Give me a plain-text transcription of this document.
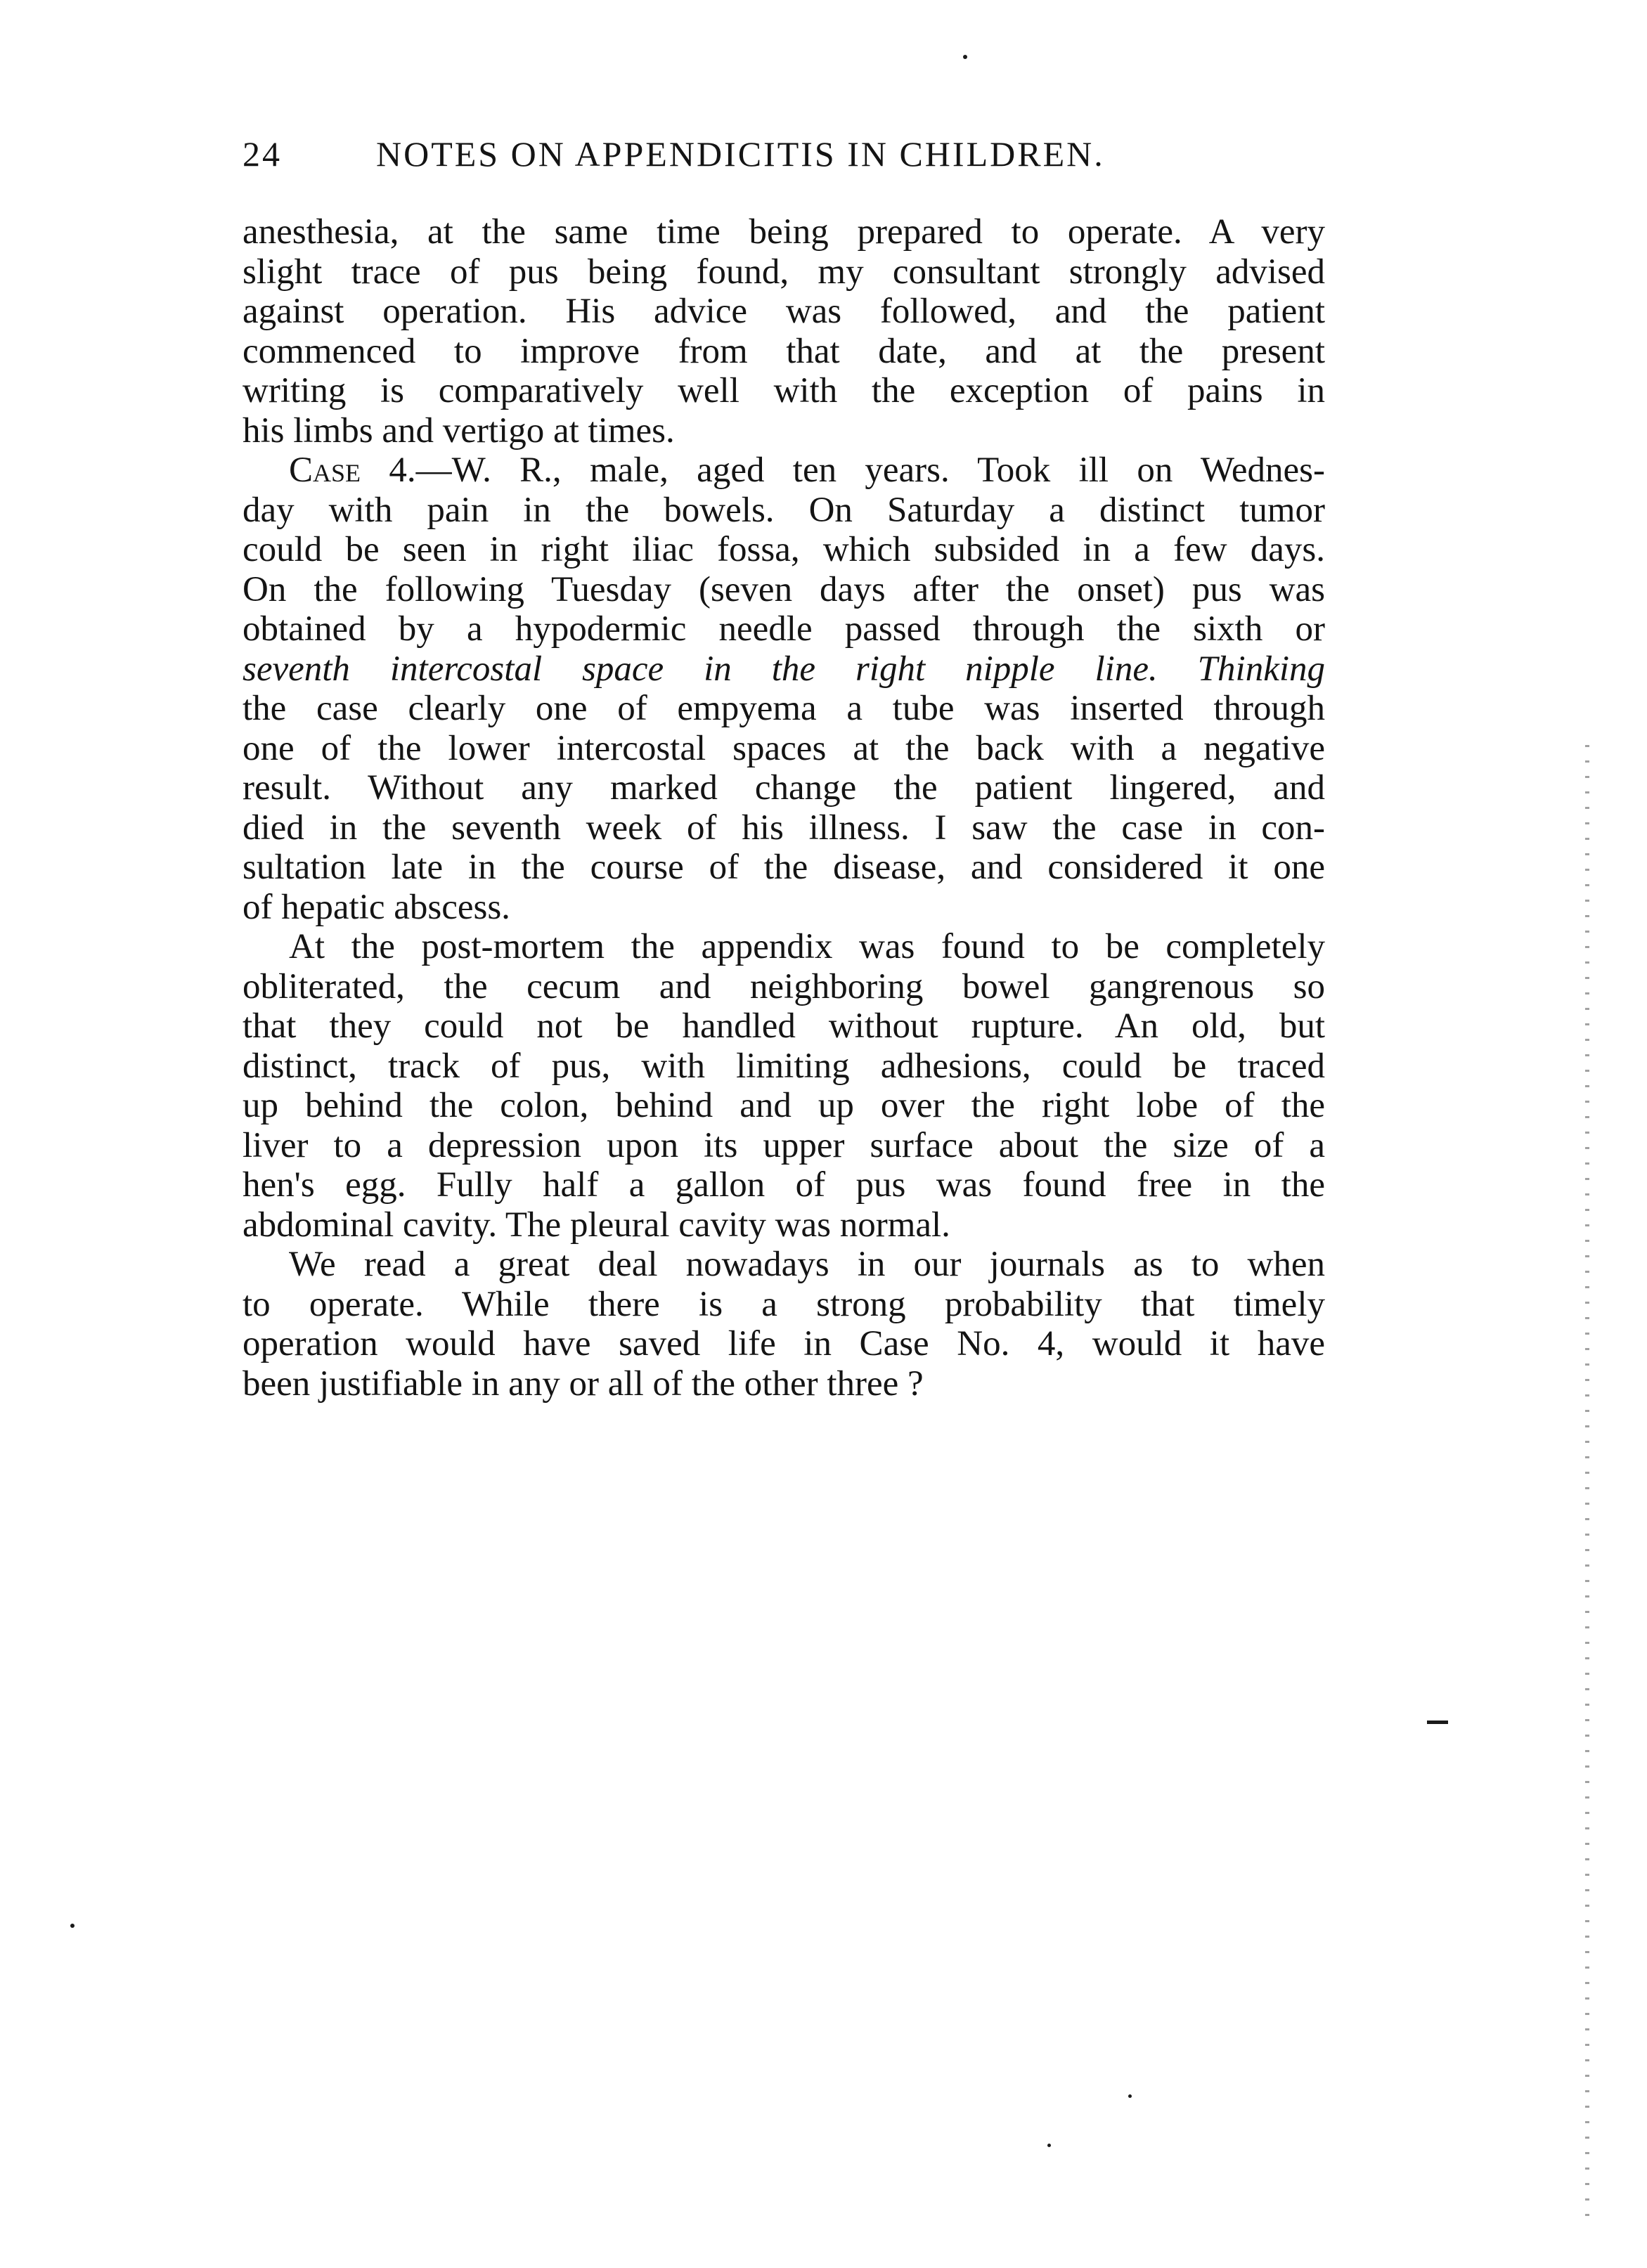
24	NOTES ON APPENDICITIS IN CHILDREN.
anesthesia, at the same time being prepared to operate. A very
slight trace of pus being found, my consultant strongly advised
against operation. His advice was followed, and the patient
commenced to improve from that date, and at the present
writing is comparatively well with the exception of pains in
his limbs and vertigo at times.
Case 4.—W. R., male, aged ten years. Took ill on Wednes-
day with pain in the bowels. On Saturday a distinct tumor
could be seen in right iliac fossa, which subsided in a few days.
On the following Tuesday (seven days after the onset) pus was
obtained by a hypodermic needle passed through the sixth or
seventh intercostal space in the right nipple line. Thinking
the case clearly one of empyema a tube was inserted through
one of the lower intercostal spaces at the back with a negative
result. Without any marked change the patient lingered, and
died in the seventh week of his illness. I saw the case in con-
sultation late in the course of the disease, and considered it one
of hepatic abscess.
At the post-mortem the appendix was found to be completely
obliterated, the cecum and neighboring bowel gangrenous so
that they could not be handled without rupture. An old, but
distinct, track of pus, with limiting adhesions, could be traced
up behind the colon, behind and up over the right lobe of the
liver to a depression upon its upper surface about the size of a
hen's egg. Fully half a gallon of pus was found free in the
abdominal cavity. The pleural cavity was normal.
We read a great deal nowadays in our journals as to when
to operate. While there is a strong probability that timely
operation would have saved life in Case No. 4, would it have
been justifiable in any or all of the other three ?
